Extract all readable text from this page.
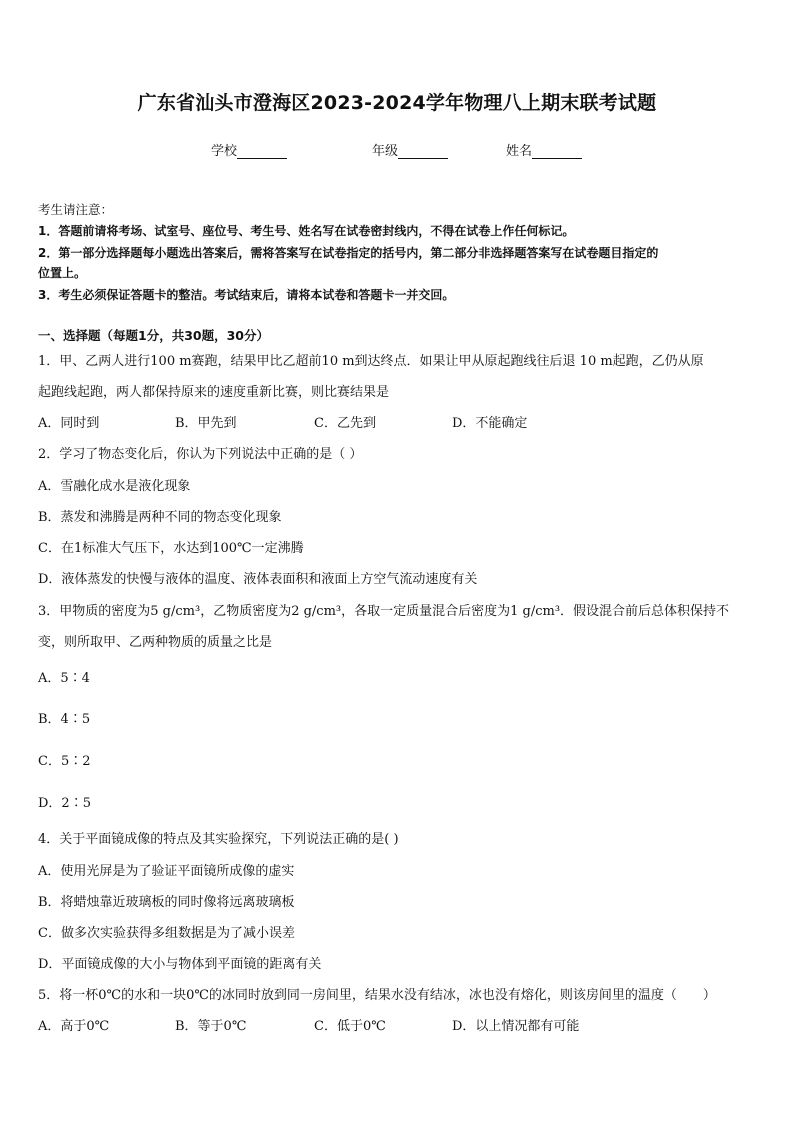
广东省汕头市澄海区2023-2024学年物理八上期末联考试题
学校	年级	姓名
考生请注意：
1．答题前请将考场、试室号、座位号、考生号、姓名写在试卷密封线内，不得在试卷上作任何标记。
2．第一部分选择题每小题选出答案后，需将答案写在试卷指定的括号内，第二部分非选择题答案写在试卷题目指定的
位置上。
3．考生必须保证答题卡的整洁。考试结束后，请将本试卷和答题卡一并交回。
一、选择题（每题1分，共30题，30分）
1．甲、乙两人进行100 m赛跑，结果甲比乙超前10 m到达终点．如果让甲从原起跑线往后退 10 m起跑，乙仍从原
起跑线起跑，两人都保持原来的速度重新比赛，则比赛结果是
A．同时到	B．甲先到	C．乙先到	D．不能确定
2．学习了物态变化后，你认为下列说法中正确的是（ ）
A．雪融化成水是液化现象
B．蒸发和沸腾是两种不同的物态变化现象
C．在1标准大气压下，水达到100℃一定沸腾
D．液体蒸发的快慢与液体的温度、液体表面积和液面上方空气流动速度有关
3．甲物质的密度为5 g/cm³，乙物质密度为2 g/cm³，各取一定质量混合后密度为1 g/cm³．假设混合前后总体积保持不
变，则所取甲、乙两种物质的质量之比是
A．5∶4
B．4∶5
C．5∶2
D．2∶5
4．关于平面镜成像的特点及其实验探究，下列说法正确的是( )
A．使用光屏是为了验证平面镜所成像的虚实
B．将蜡烛靠近玻璃板的同时像将远离玻璃板
C．做多次实验获得多组数据是为了减小误差
D．平面镜成像的大小与物体到平面镜的距离有关
5．将一杯0℃的水和一块0℃的冰同时放到同一房间里，结果水没有结冰，冰也没有熔化，则该房间里的温度（　　）
A．高于0℃	B．等于0℃	C．低于0℃	D．以上情况都有可能
